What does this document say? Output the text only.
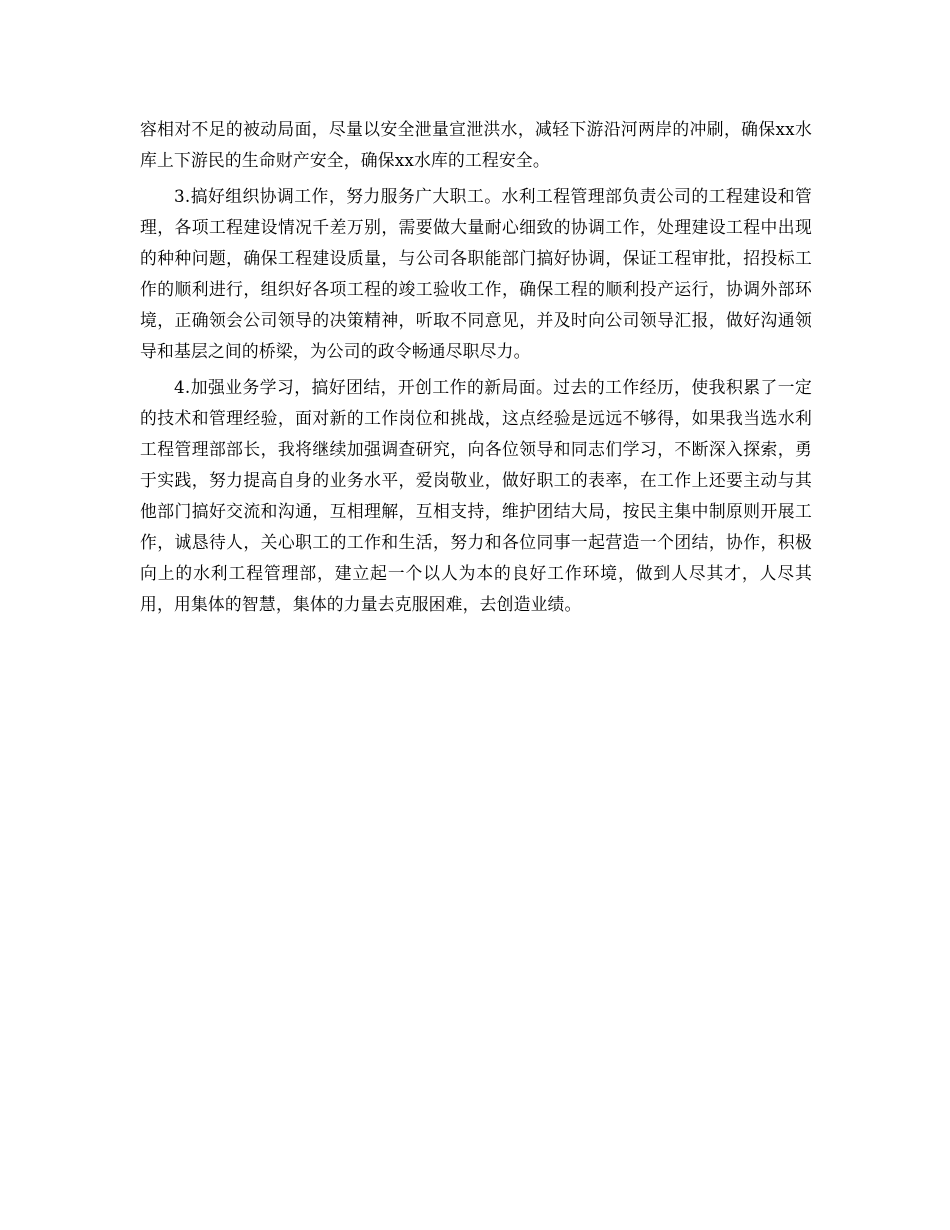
容相对不足的被动局面，尽量以安全泄量宣泄洪水，减轻下游沿河两岸的冲刷，确保xx水库上下游民的生命财产安全，确保xx水库的工程安全。

3.搞好组织协调工作，努力服务广大职工。水利工程管理部负责公司的工程建设和管理，各项工程建设情况千差万别，需要做大量耐心细致的协调工作，处理建设工程中出现的种种问题，确保工程建设质量，与公司各职能部门搞好协调，保证工程审批，招投标工作的顺利进行，组织好各项工程的竣工验收工作，确保工程的顺利投产运行，协调外部环境，正确领会公司领导的决策精神，听取不同意见，并及时向公司领导汇报，做好沟通领导和基层之间的桥梁，为公司的政令畅通尽职尽力。

4.加强业务学习，搞好团结，开创工作的新局面。过去的工作经历，使我积累了一定的技术和管理经验，面对新的工作岗位和挑战，这点经验是远远不够得，如果我当选水利工程管理部部长，我将继续加强调查研究，向各位领导和同志们学习，不断深入探索，勇于实践，努力提高自身的业务水平，爱岗敬业，做好职工的表率，在工作上还要主动与其他部门搞好交流和沟通，互相理解，互相支持，维护团结大局，按民主集中制原则开展工作，诚恳待人，关心职工的工作和生活，努力和各位同事一起营造一个团结，协作，积极向上的水利工程管理部，建立起一个以人为本的良好工作环境，做到人尽其才，人尽其用，用集体的智慧，集体的力量去克服困难，去创造业绩。
